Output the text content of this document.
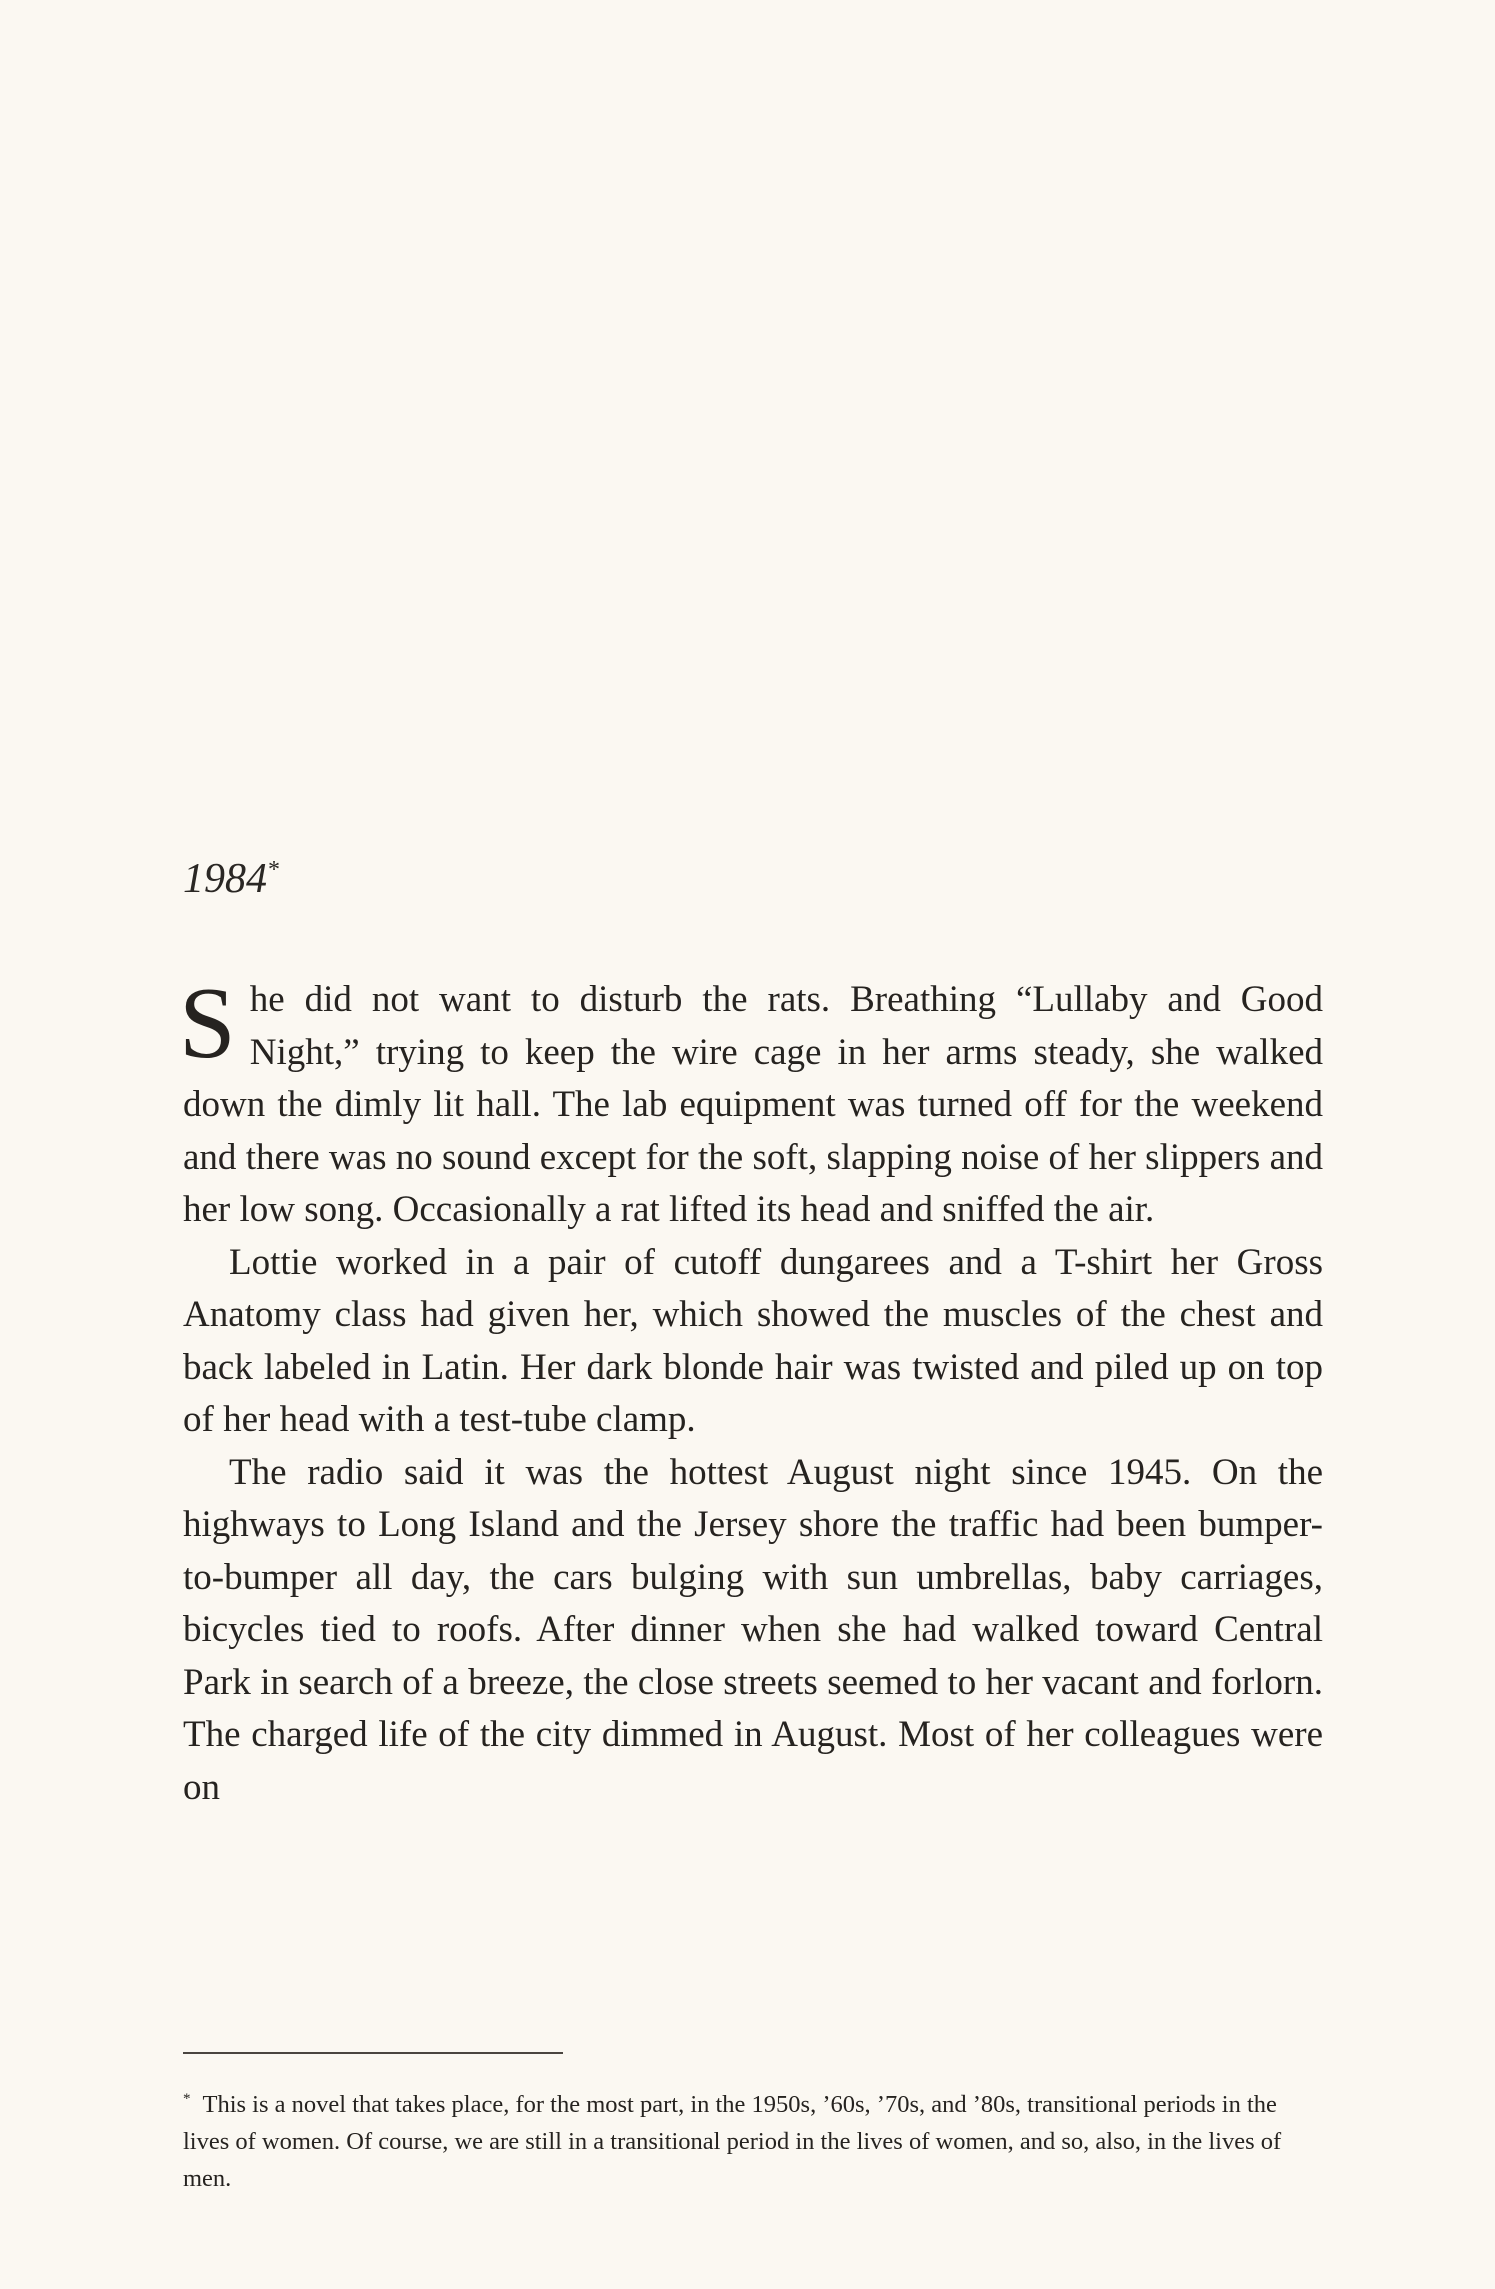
1984*

She did not want to disturb the rats. Breathing “Lullaby and Good Night,” trying to keep the wire cage in her arms steady, she walked down the dimly lit hall. The lab equipment was turned off for the weekend and there was no sound except for the soft, slapping noise of her slippers and her low song. Occasionally a rat lifted its head and sniffed the air.

Lottie worked in a pair of cutoff dungarees and a T-shirt her Gross Anatomy class had given her, which showed the muscles of the chest and back labeled in Latin. Her dark blonde hair was twisted and piled up on top of her head with a test-tube clamp.

The radio said it was the hottest August night since 1945. On the highways to Long Island and the Jersey shore the traffic had been bumper-to-bumper all day, the cars bulging with sun umbrellas, baby carriages, bicycles tied to roofs. After dinner when she had walked toward Central Park in search of a breeze, the close streets seemed to her vacant and forlorn. The charged life of the city dimmed in August. Most of her colleagues were on

* This is a novel that takes place, for the most part, in the 1950s, ’60s, ’70s, and ’80s, transitional periods in the lives of women. Of course, we are still in a transitional period in the lives of women, and so, also, in the lives of men.
